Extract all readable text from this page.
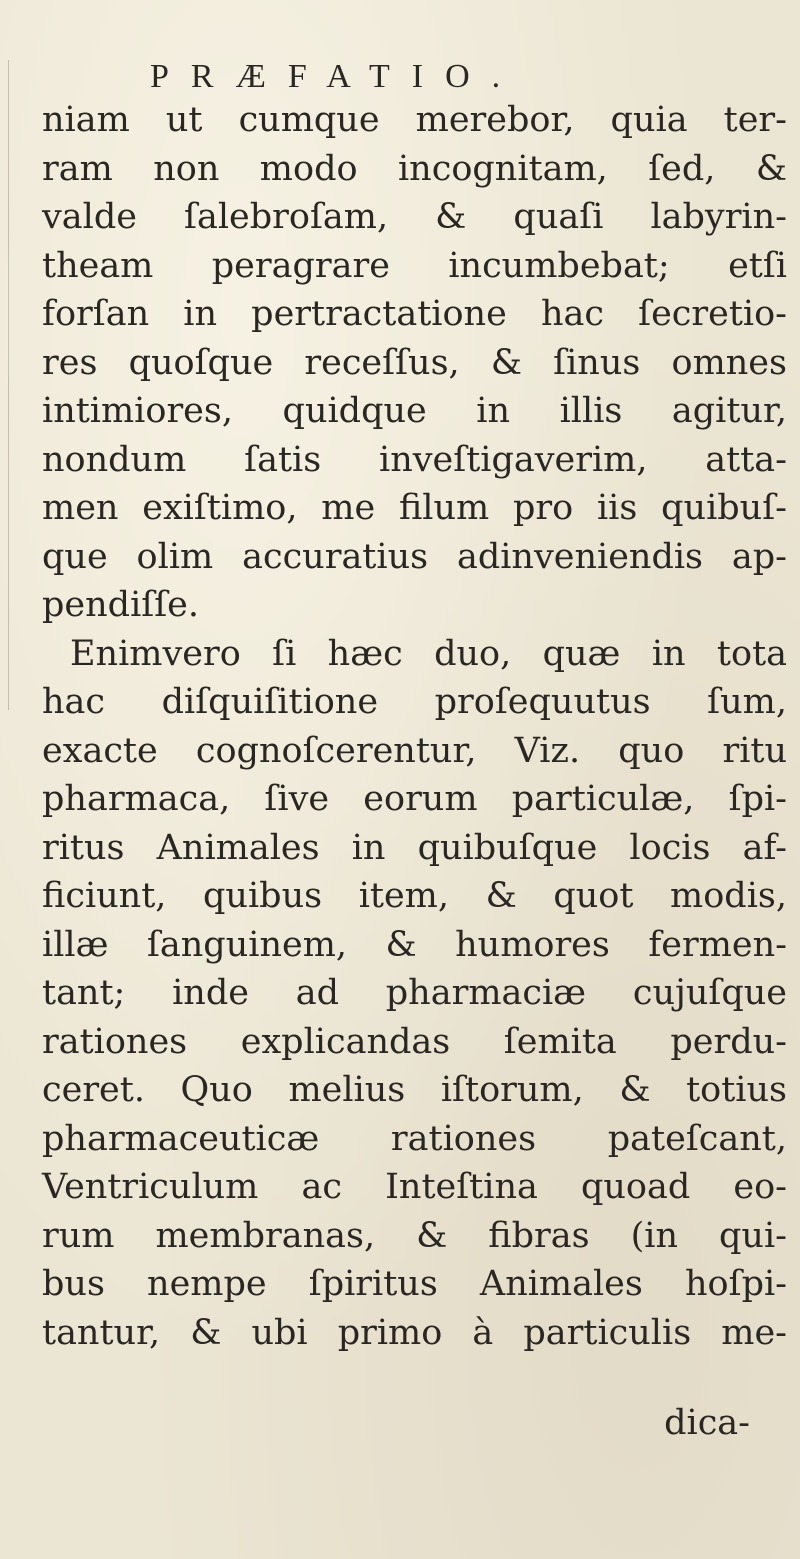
PRÆFATIO.
niam ut cumque merebor, quia ter-
ram non modo incognitam, ſed, &
valde ſalebroſam, & quaſi labyrin-
theam peragrare incumbebat; etſi
forſan in pertractatione hac ſecretio-
res quoſque receſſus, & ſinus omnes
intimiores, quidque in illis agitur,
nondum ſatis inveſtigaverim, atta-
men exiſtimo, me filum pro iis quibuſ-
que olim accuratius adinveniendis ap-
pendiſſe.
Enimvero ſi hæc duo, quæ in tota
hac diſquiſitione proſequutus ſum,
exacte cognoſcerentur, Viz. quo ritu
pharmaca, ſive eorum particulæ, ſpi-
ritus Animales in quibuſque locis af-
ficiunt, quibus item, & quot modis,
illæ ſanguinem, & humores fermen-
tant; inde ad pharmaciæ cujuſque
rationes explicandas ſemita perdu-
ceret. Quo melius iſtorum, & totius
pharmaceuticæ rationes pateſcant,
Ventriculum ac Inteſtina quoad eo-
rum membranas, & fibras (in qui-
bus nempe ſpiritus Animales hoſpi-
tantur, & ubi primo à particulis me-
dica-
